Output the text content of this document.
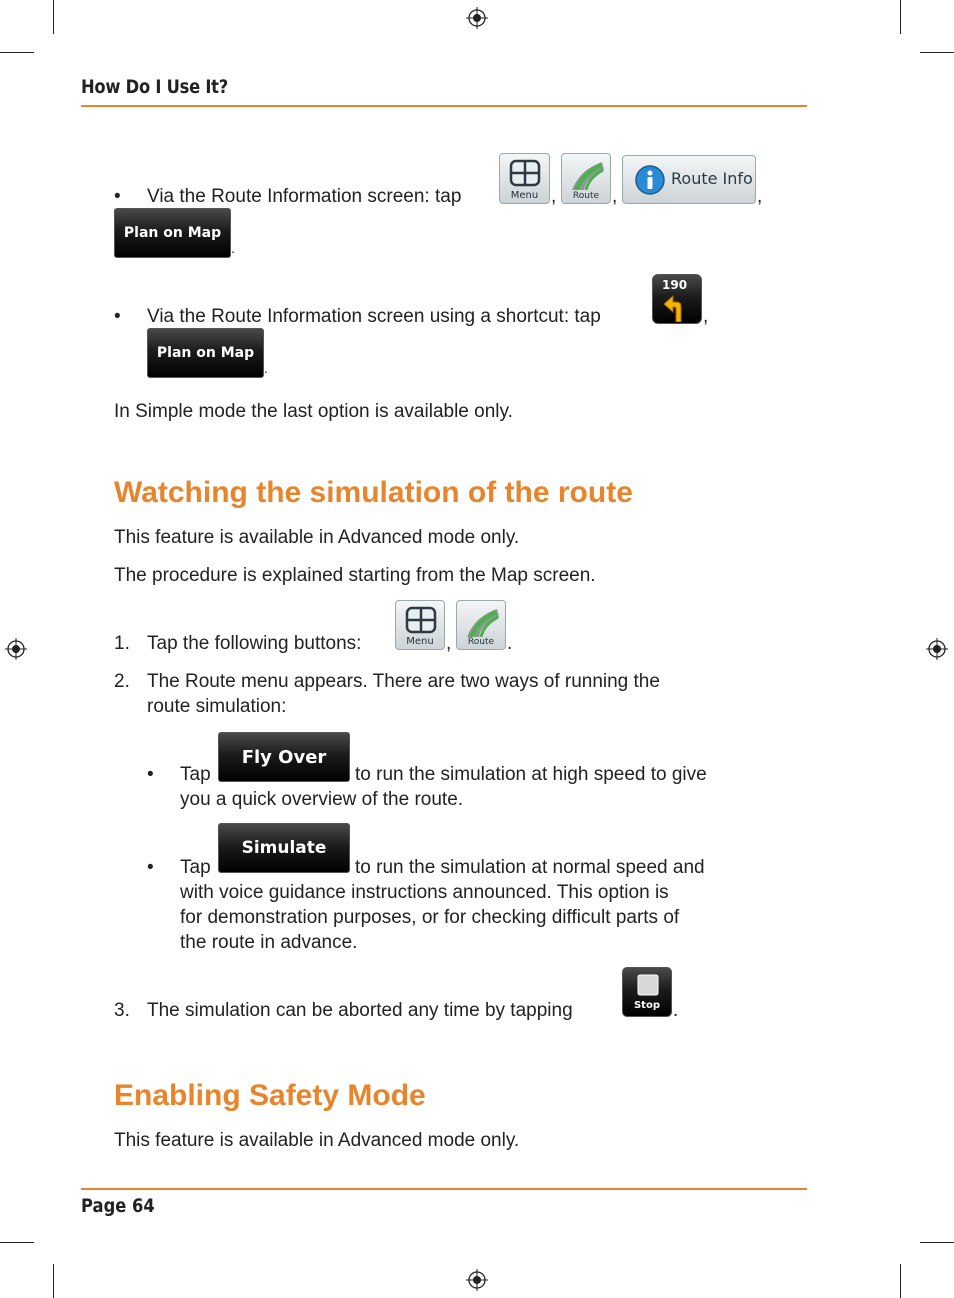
How Do I Use It?
• Via the Route Information screen: tap	Menu ,	Route ,
Route Info
,
Plan on Map
.
• Via the Route Information screen using a shortcut: tap
190
,
Plan on Map
.
In Simple mode the last option is available only.
Watching the simulation of the route
This feature is available in Advanced mode only.
The procedure is explained starting from the Map screen.
1. Tap the following buttons:	Menu ,	Route .
2. The Route menu appears. There are two ways of running the
route simulation:
• Tap
Fly Over
to run the simulation at high speed to give
you a quick overview of the route.
• Tap
Simulate
to run the simulation at normal speed and
with voice guidance instructions announced. This option is
for demonstration purposes, or for checking difficult parts of
the route in advance.
3. The simulation can be aborted any time by tapping	Stop .
Enabling Safety Mode
This feature is available in Advanced mode only.
Page 64
